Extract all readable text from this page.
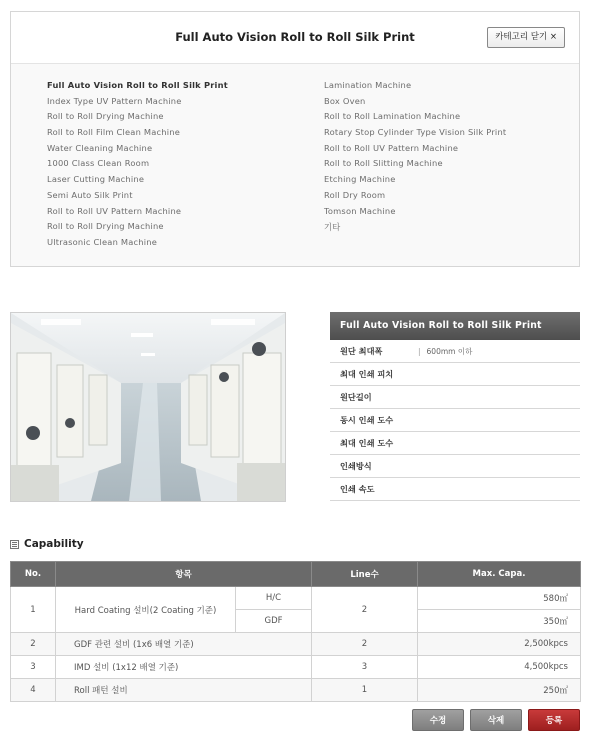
Full Auto Vision Roll to Roll Silk Print	카테고리 닫기 ×
Full Auto Vision Roll to Roll Silk Print
Index Type UV Pattern Machine
Roll to Roll Drying Machine
Roll to Roll Film Clean Machine
Water Cleaning Machine
1000 Class Clean Room
Laser Cutting Machine
Semi Auto Silk Print
Roll to Roll UV Pattern Machine
Roll to Roll Drying Machine
Ultrasonic Clean Machine
Lamination Machine
Box Oven
Roll to Roll Lamination Machine
Rotary Stop Cylinder Type Vision Silk Print
Roll to Roll UV Pattern Machine
Roll to Roll Slitting Machine
Etching Machine
Roll Dry Room
Tomson Machine
기타
Full Auto Vision Roll to Roll Silk Print
원단 최대폭	| 600mm 이하
최대 인쇄 피치
원단길이
동시 인쇄 도수
최대 인쇄 도수
인쇄방식
인쇄 속도
Capability
No.	항목		Line수	Max. Capa.
1	Hard Coating 설비(2 Coating 기준)	H/C	2	580㎡
		GDF		350㎡
2	GDF 관련 설비 (1x6 배열 기준)		2	2,500kpcs
3	IMD 설비 (1x12 배열 기준)		3	4,500kpcs
4	Roll 패턴 설비		1	250㎡
수정	삭제	등록
